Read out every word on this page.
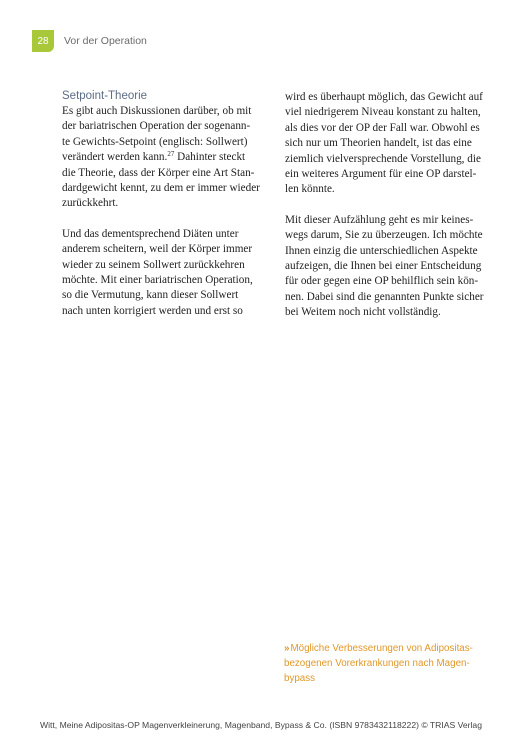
28 Vor der Operation
Setpoint-Theorie
Es gibt auch Diskussionen darüber, ob mit
der bariatrischen Operation der sogenann-
te Gewichts-Setpoint (englisch: Sollwert)
verändert werden kann.$^{27}$ Dahinter steckt
die Theorie, dass der Körper eine Art Stan-
dardgewicht kennt, zu dem er immer wieder
zurückkehrt.
Und das dementsprechend Diäten unter
anderem scheitern, weil der Körper immer
wieder zu seinem Sollwert zurückkehren
möchte. Mit einer bariatrischen Operation,
so die Vermutung, kann dieser Sollwert
nach unten korrigiert werden und erst so
wird es überhaupt möglich, das Gewicht auf
viel niedrigerem Niveau konstant zu halten,
als dies vor der OP der Fall war. Obwohl es
sich nur um Theorien handelt, ist das eine
ziemlich vielversprechende Vorstellung, die
ein weiteres Argument für eine OP darstel-
len könnte.
Mit dieser Aufzählung geht es mir keines-
wegs darum, Sie zu überzeugen. Ich möchte
Ihnen einzig die unterschiedlichen Aspekte
aufzeigen, die Ihnen bei einer Entscheidung
für oder gegen eine OP behilflich sein kön-
nen. Dabei sind die genannten Punkte sicher
bei Weitem noch nicht vollständig.
» Mögliche Verbesserungen von Adipositas-
bezogenen Vorerkrankungen nach Magen-
bypass
Witt, Meine Adipositas-OP Magenverkleinerung, Magenband, Bypass & Co. (ISBN 9783432118222) © TRIAS Verlag
